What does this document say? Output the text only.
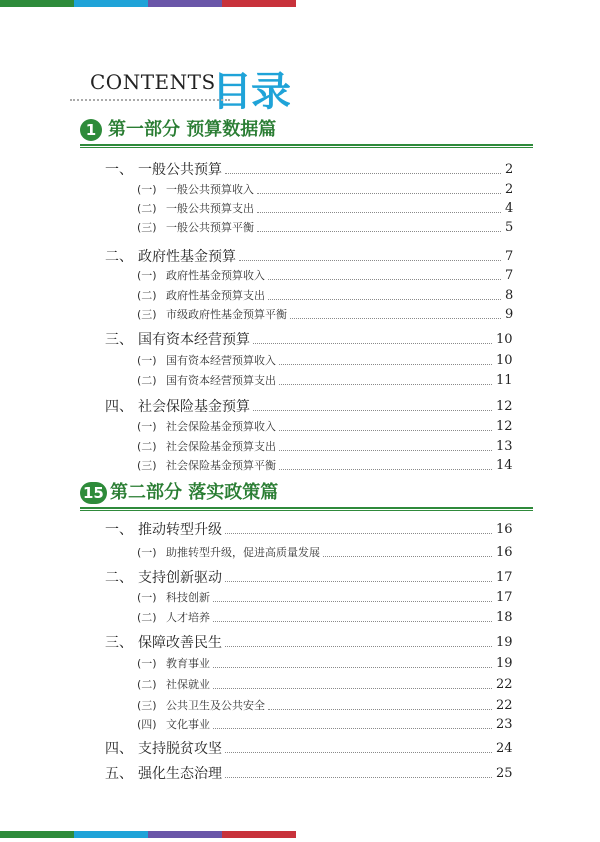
CONTENTS
目录
1 第一部分 预算数据篇
一、 一般公共预算	2
(一) 一般公共预算收入	2
(二) 一般公共预算支出	4
(三) 一般公共预算平衡	5
二、 政府性基金预算	7
(一) 政府性基金预算收入	7
(二) 政府性基金预算支出	8
(三) 市级政府性基金预算平衡	9
三、 国有资本经营预算	10
(一) 国有资本经营预算收入	10
(二) 国有资本经营预算支出	11
四、 社会保险基金预算	12
(一) 社会保险基金预算收入	12
(二) 社会保险基金预算支出	13
(三) 社会保险基金预算平衡	14
15 第二部分 落实政策篇
一、 推动转型升级	16
(一) 助推转型升级，促进高质量发展	16
二、 支持创新驱动	17
(一) 科技创新	17
(二) 人才培养	18
三、 保障改善民生	19
(一) 教育事业	19
(二) 社保就业	22
(三) 公共卫生及公共安全	22
(四) 文化事业	23
四、 支持脱贫攻坚	24
五、 强化生态治理	25
